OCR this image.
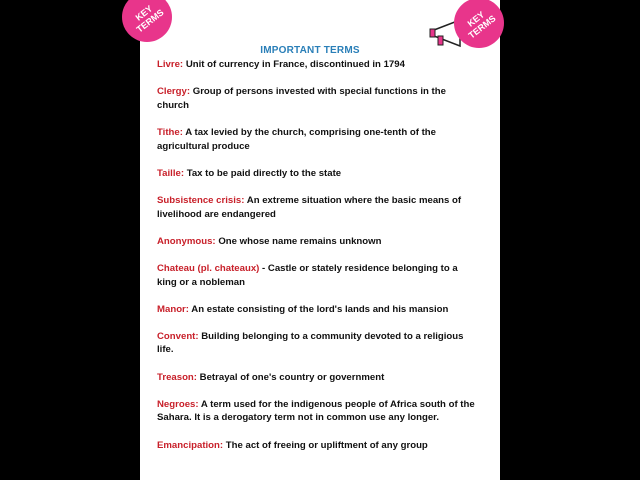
KEY TERMS	KEY TERMS
IMPORTANT TERMS
Livre: Unit of currency in France, discontinued in 1794
Clergy: Group of persons invested with special functions in the church
Tithe: A tax levied by the church, comprising one-tenth of the agricultural produce
Taille: Tax to be paid directly to the state
Subsistence crisis: An extreme situation where the basic means of livelihood are endangered
Anonymous: One whose name remains unknown
Chateau (pl. chateaux) - Castle or stately residence belonging to a king or a nobleman
Manor: An estate consisting of the lord's lands and his mansion
Convent: Building belonging to a community devoted to a religious life.
Treason: Betrayal of one's country or government
Negroes: A term used for the indigenous people of Africa south of the Sahara. It is a derogatory term not in common use any longer.
Emancipation: The act of freeing or upliftment of any group
